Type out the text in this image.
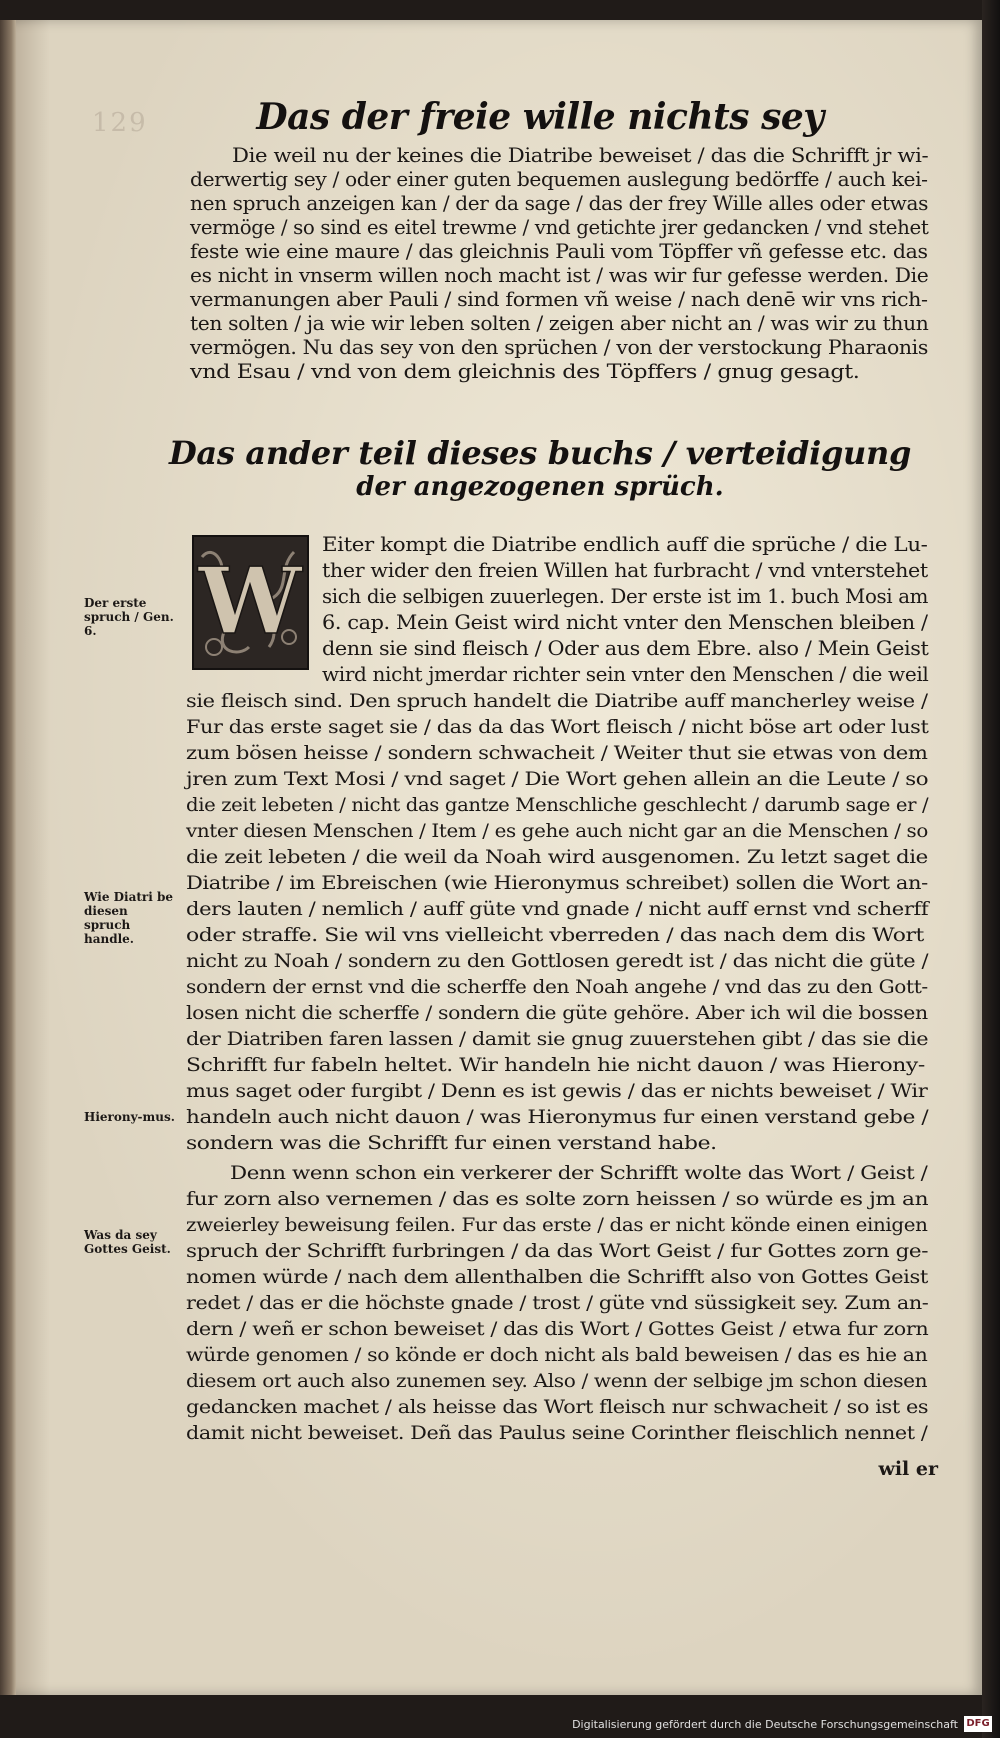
129	Das der freie wille nichts sey
Die weil nu der keines die Diatribe beweiset / das die Schrifft jr wi-
derwertig sey / oder einer guten bequemen auslegung bedörffe / auch kei-
nen spruch anzeigen kan / der da sage / das der frey Wille alles oder etwas
vermöge / so sind es eitel trewme / vnd getichte jrer gedancken / vnd stehet
feste wie eine maure / das gleichnis Pauli vom Töpffer vñ gefesse etc. das
es nicht in vnserm willen noch macht ist / was wir fur gefesse werden. Die
vermanungen aber Pauli / sind formen vñ weise / nach denē wir vns rich-
ten solten / ja wie wir leben solten / zeigen aber nicht an / was wir zu thun
vermögen. Nu das sey von den sprüchen / von der verstockung Pharaonis
vnd Esau / vnd von dem gleichnis des Töpffers / gnug gesagt.
Das ander teil dieses buchs / verteidigung
der angezogenen sprüch.
W
Eiter kompt die Diatribe endlich auff die sprüche / die Lu-
ther wider den freien Willen hat furbracht / vnd vnterstehet
sich die selbigen zuuerlegen. Der erste ist im 1. buch Mosi am
6. cap. Mein Geist wird nicht vnter den Menschen bleiben /
denn sie sind fleisch / Oder aus dem Ebre. also / Mein Geist
wird nicht jmerdar richter sein vnter den Menschen / die weil
sie fleisch sind. Den spruch handelt die Diatribe auff mancherley weise /
Fur das erste saget sie / das da das Wort fleisch / nicht böse art oder lust
zum bösen heisse / sondern schwacheit / Weiter thut sie etwas von dem
jren zum Text Mosi / vnd saget / Die Wort gehen allein an die Leute / so
die zeit lebeten / nicht das gantze Menschliche geschlecht / darumb sage er /
vnter diesen Menschen / Item / es gehe auch nicht gar an die Menschen / so
die zeit lebeten / die weil da Noah wird ausgenomen. Zu letzt saget die
Diatribe / im Ebreischen (wie Hieronymus schreibet) sollen die Wort an-
ders lauten / nemlich / auff güte vnd gnade / nicht auff ernst vnd scherff
oder straffe. Sie wil vns vielleicht vberreden / das nach dem dis Wort
nicht zu Noah / sondern zu den Gottlosen geredt ist / das nicht die güte /
sondern der ernst vnd die scherffe den Noah angehe / vnd das zu den Gott-
losen nicht die scherffe / sondern die güte gehöre. Aber ich wil die bossen
der Diatriben faren lassen / damit sie gnug zuuerstehen gibt / das sie die
Schrifft fur fabeln heltet. Wir handeln hie nicht dauon / was Hierony-
mus saget oder furgibt / Denn es ist gewis / das er nichts beweiset / Wir
handeln auch nicht dauon / was Hieronymus fur einen verstand gebe /
sondern was die Schrifft fur einen verstand habe.
Denn wenn schon ein verkerer der Schrifft wolte das Wort / Geist /
fur zorn also vernemen / das es solte zorn heissen / so würde es jm an
zweierley beweisung feilen. Fur das erste / das er nicht könde einen einigen
spruch der Schrifft furbringen / da das Wort Geist / fur Gottes zorn ge-
nomen würde / nach dem allenthalben die Schrifft also von Gottes Geist
redet / das er die höchste gnade / trost / güte vnd süssigkeit sey. Zum an-
dern / weñ er schon beweiset / das dis Wort / Gottes Geist / etwa fur zorn
würde genomen / so könde er doch nicht als bald beweisen / das es hie an
diesem ort auch also zunemen sey. Also / wenn der selbige jm schon diesen
gedancken machet / als heisse das Wort fleisch nur schwacheit / so ist es
damit nicht beweiset. Deñ das Paulus seine Corinther fleischlich nennet /
wil er
Der erste spruch / Gen. 6.
Wie Diatri be diesen spruch handle.
Hierony-mus.
Was da sey Gottes Geist.
Digitalisierung gefördert durch die Deutsche Forschungsgemeinschaft DFG
